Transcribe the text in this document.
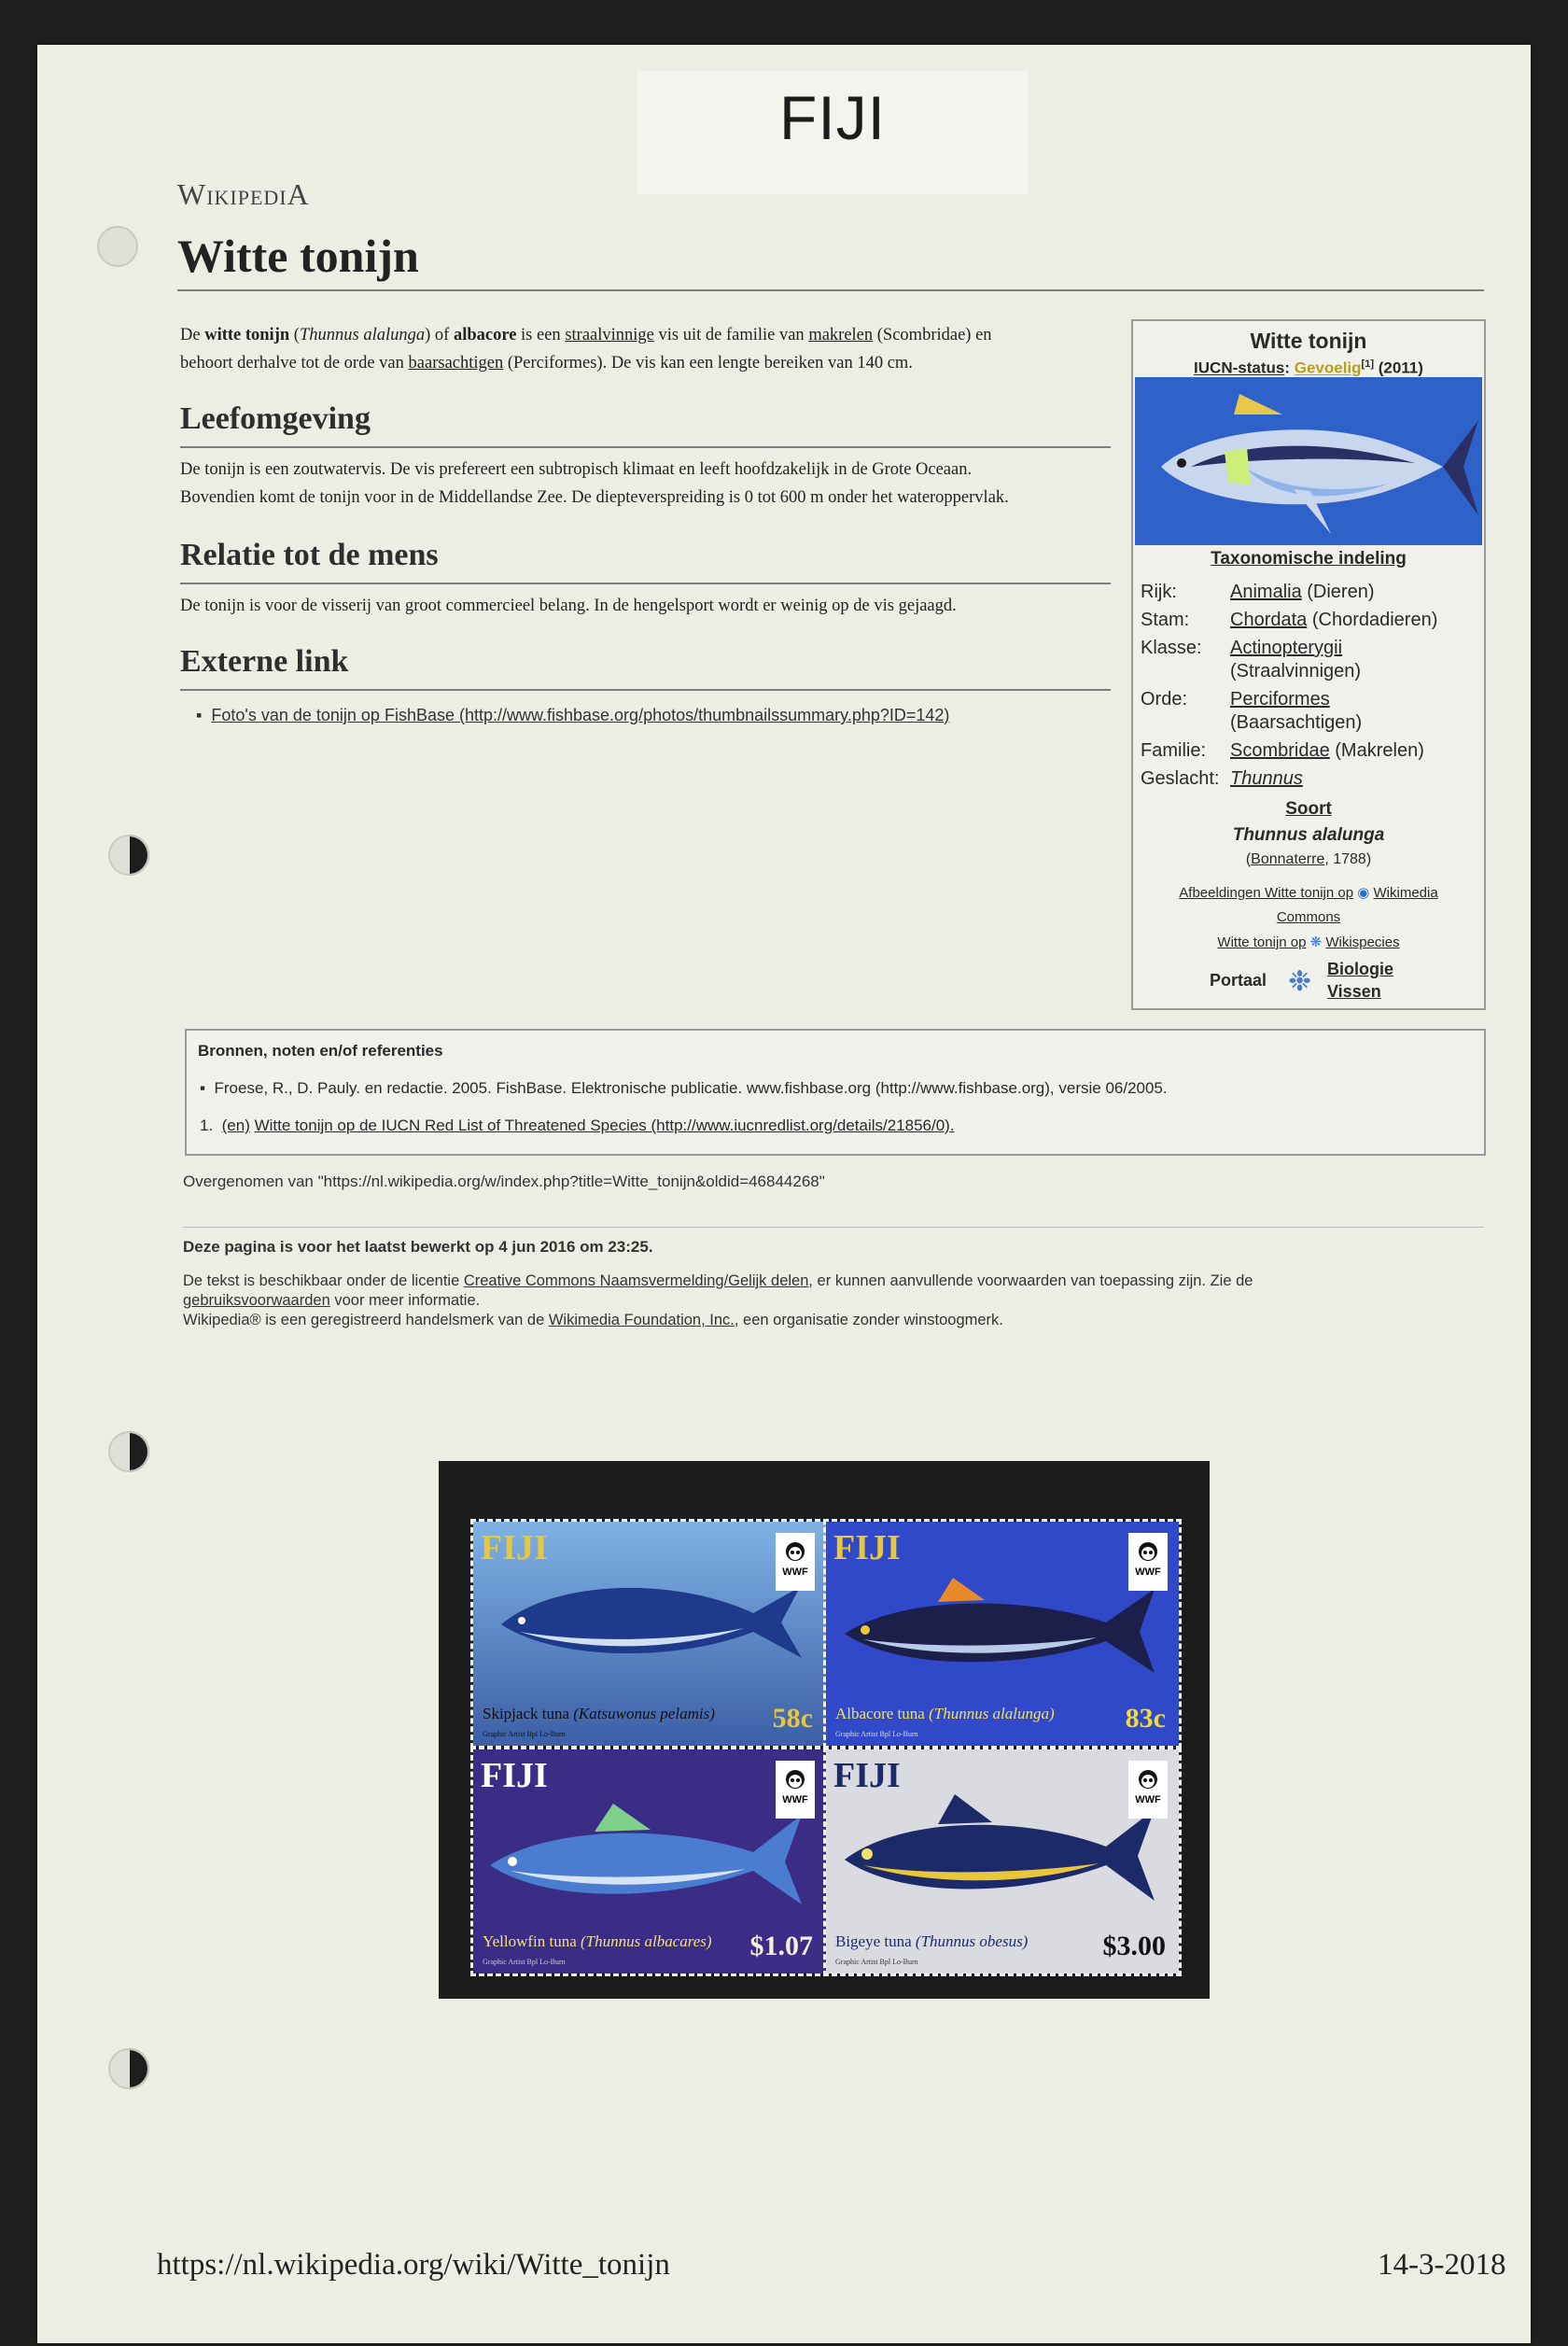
FIJI
WikipediA
Witte tonijn
De witte tonijn (Thunnus alalunga) of albacore is een straalvinnige vis uit de familie van makrelen (Scombridae) en
behoort derhalve tot de orde van baarsachtigen (Perciformes). De vis kan een lengte bereiken van 140 cm.
Leefomgeving
De tonijn is een zoutwatervis. De vis prefereert een subtropisch klimaat en leeft hoofdzakelijk in de Grote Oceaan.
Bovendien komt de tonijn voor in de Middellandse Zee. De diepteverspreiding is 0 tot 600 m onder het wateroppervlak.
Relatie tot de mens
De tonijn is voor de visserij van groot commercieel belang. In de hengelsport wordt er weinig op de vis gejaagd.
Externe link
▪  Foto's van de tonijn op FishBase (http://www.fishbase.org/photos/thumbnailssummary.php?ID=142)
Witte tonijn
IUCN-status: Gevoelig[1] (2011)
Taxonomische indeling
Rijk:	Animalia (Dieren)
Stam: Chordata (Chordadieren)
Klasse: Actinopterygii
(Straalvinnigen)
Orde: Perciformes
(Baarsachtigen)
Familie: Scombridae (Makrelen)
Geslacht: Thunnus
Soort
Thunnus alalunga
(Bonnaterre, 1788)
Afbeeldingen Witte tonijn op ◉ Wikimedia
Commons
Witte tonijn op ❋ Wikispecies
Portaal ❉ Biologie
Vissen
Bronnen, noten en/of referenties
▪  Froese, R., D. Pauly. en redactie. 2005. FishBase. Elektronische publicatie. www.fishbase.org (http://www.fishbase.org), versie 06/2005.
1. (en) Witte tonijn op de IUCN Red List of Threatened Species (http://www.iucnredlist.org/details/21856/0).
Overgenomen van "https://nl.wikipedia.org/w/index.php?title=Witte_tonijn&oldid=46844268"
Deze pagina is voor het laatst bewerkt op 4 jun 2016 om 23:25.
De tekst is beschikbaar onder de licentie Creative Commons Naamsvermelding/Gelijk delen, er kunnen aanvullende voorwaarden van toepassing zijn. Zie de
gebruiksvoorwaarden voor meer informatie.
Wikipedia® is een geregistreerd handelsmerk van de Wikimedia Foundation, Inc., een organisatie zonder winstoogmerk.
FIJI
WWF
Skipjack tuna (Katsuwonus pelamis) 58c
Graphic Artist Bpl Lo-Burn
FIJI
WWF
Albacore tuna (Thunnus alalunga)	83c
Graphic Artist Bpl Lo-Burn
FIJI
WWF
Yellowfin tuna (Thunnus albacares) $1.07
Graphic Artist Bpl Lo-Burn
FIJI
WWF
Bigeye tuna (Thunnus obesus)	$3.00
Graphic Artist Bpl Lo-Burn
https://nl.wikipedia.org/wiki/Witte_tonijn	14-3-2018
